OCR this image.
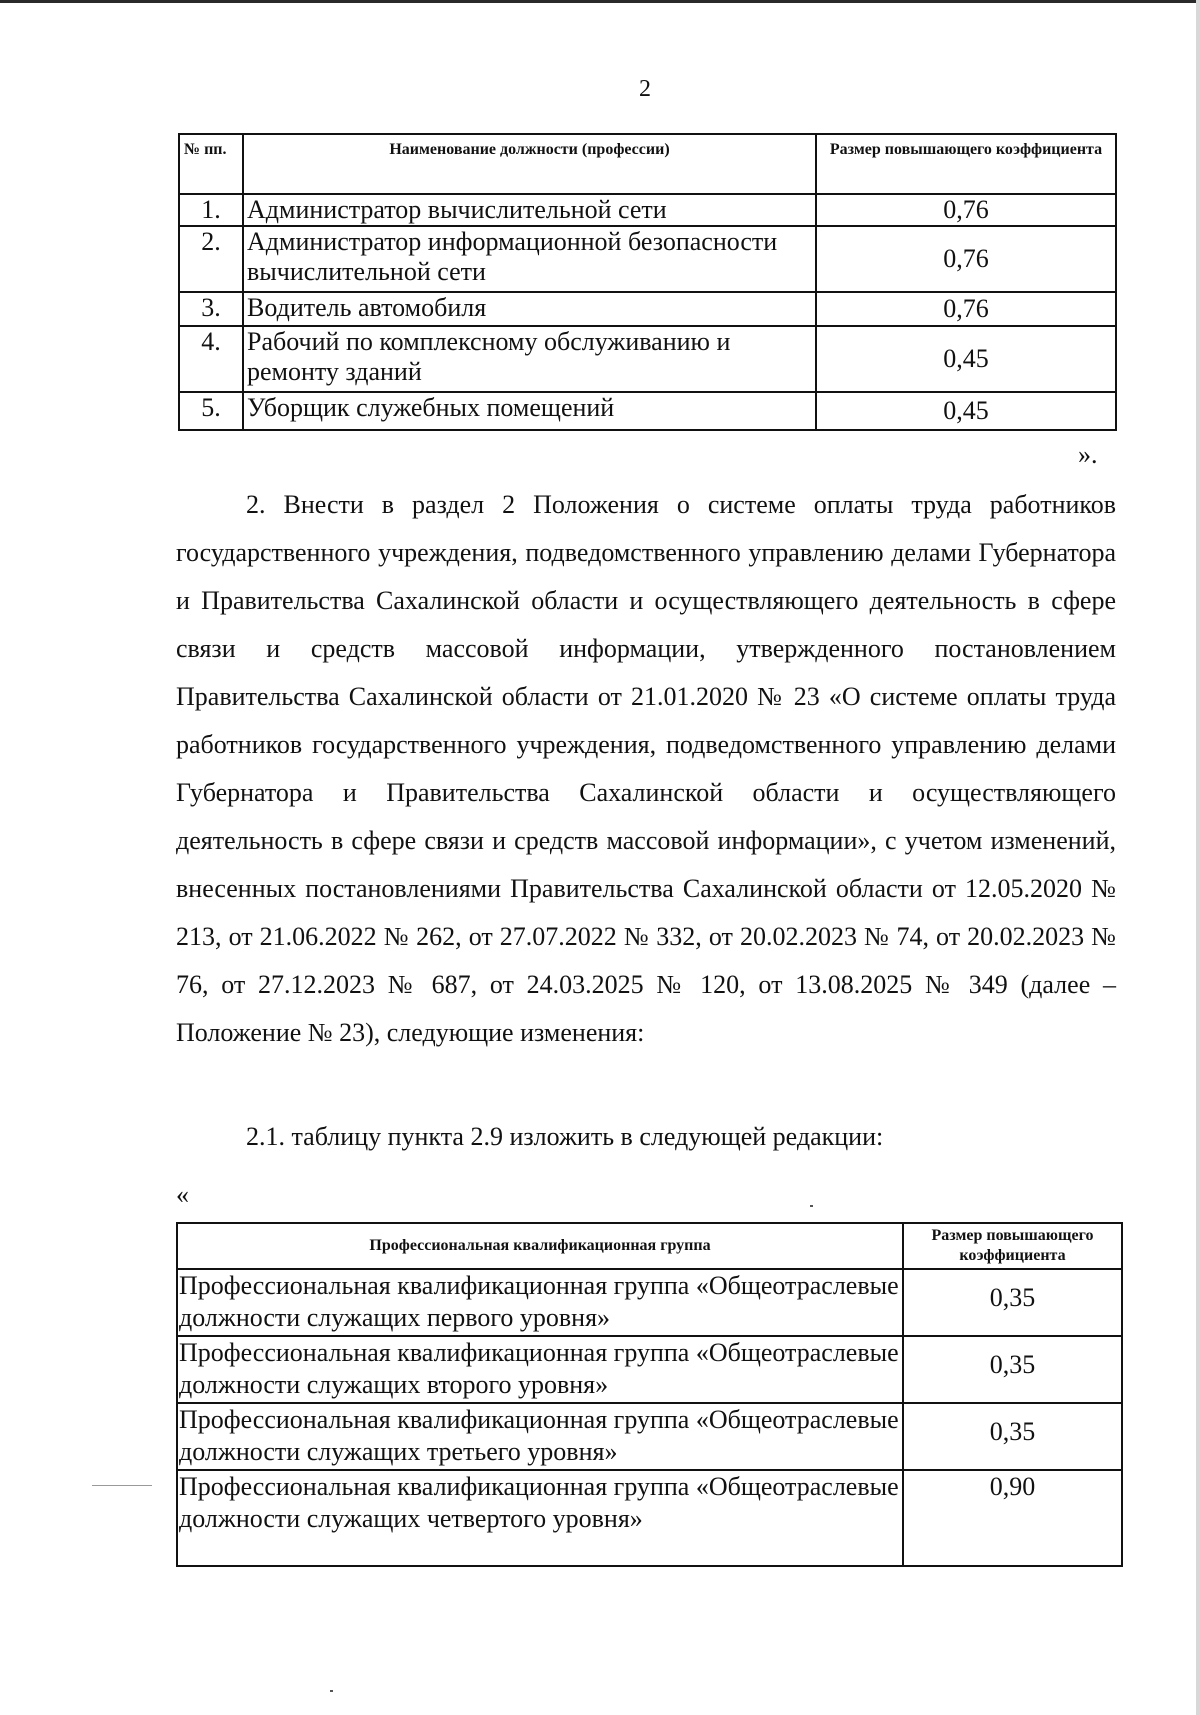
2
№ пп.	Наименование должности (профессии)	Размер повышающего коэффициента
1.	Администратор вычислительной сети	0,76
2.	Администратор информационной безопасности вычислительной сети	0,76
3.	Водитель автомобиля	0,76
4.	Рабочий по комплексному обслуживанию и ремонту зданий	0,45
5.	Уборщик служебных помещений	0,45
».
2. Внести в раздел 2 Положения о системе оплаты труда работников государственного учреждения, подведомственного управлению делами Губернатора и Правительства Сахалинской области и осуществляющего деятельность в сфере связи и средств массовой информации, утвержденного постановлением Правительства Сахалинской области от 21.01.2020 № 23 «О системе оплаты труда работников государственного учреждения, подведомственного управлению делами Губернатора и Правительства Сахалинской области и осуществляющего деятельность в сфере связи и средств массовой информации», с учетом изменений, внесенных постановлениями Правительства Сахалинской области от 12.05.2020 № 213, от 21.06.2022 № 262, от 27.07.2022 № 332, от 20.02.2023 № 74, от 20.02.2023 № 76, от 27.12.2023 № 687, от 24.03.2025 № 120, от 13.08.2025 № 349 (далее – Положение № 23), следующие изменения:
2.1. таблицу пункта 2.9 изложить в следующей редакции:
«
Профессиональная квалификационная группа	Размер повышающего коэффициента
Профессиональная квалификационная группа «Общеотраслевые должности служащих первого уровня»	0,35
Профессиональная квалификационная группа «Общеотраслевые должности служащих второго уровня»	0,35
Профессиональная квалификационная группа «Общеотраслевые должности служащих третьего уровня»	0,35
Профессиональная квалификационная группа «Общеотраслевые должности служащих четвертого уровня»	0,90
